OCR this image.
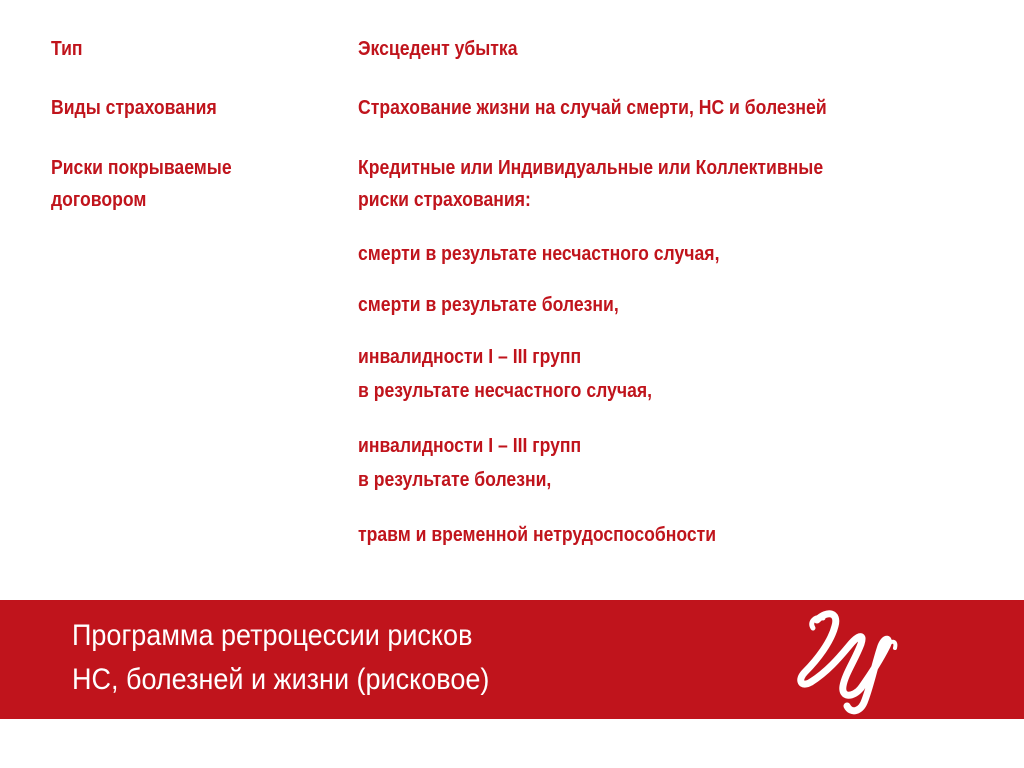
Тип	Эксцедент убытка

Виды страхования	Страхование жизни на случай смерти, НС и болезней

Риски покрываемые

договором

Кредитные или Индивидуальные или Коллективные

риски страхования:

смерти в результате несчастного случая,

смерти в результате болезни,

инвалидности I – III групп

в результате несчастного случая,

инвалидности I – III групп

в результате болезни,

травм и временной нетрудоспособности

Программа ретроцессии рисков
НС, болезней и жизни (рисковое)
